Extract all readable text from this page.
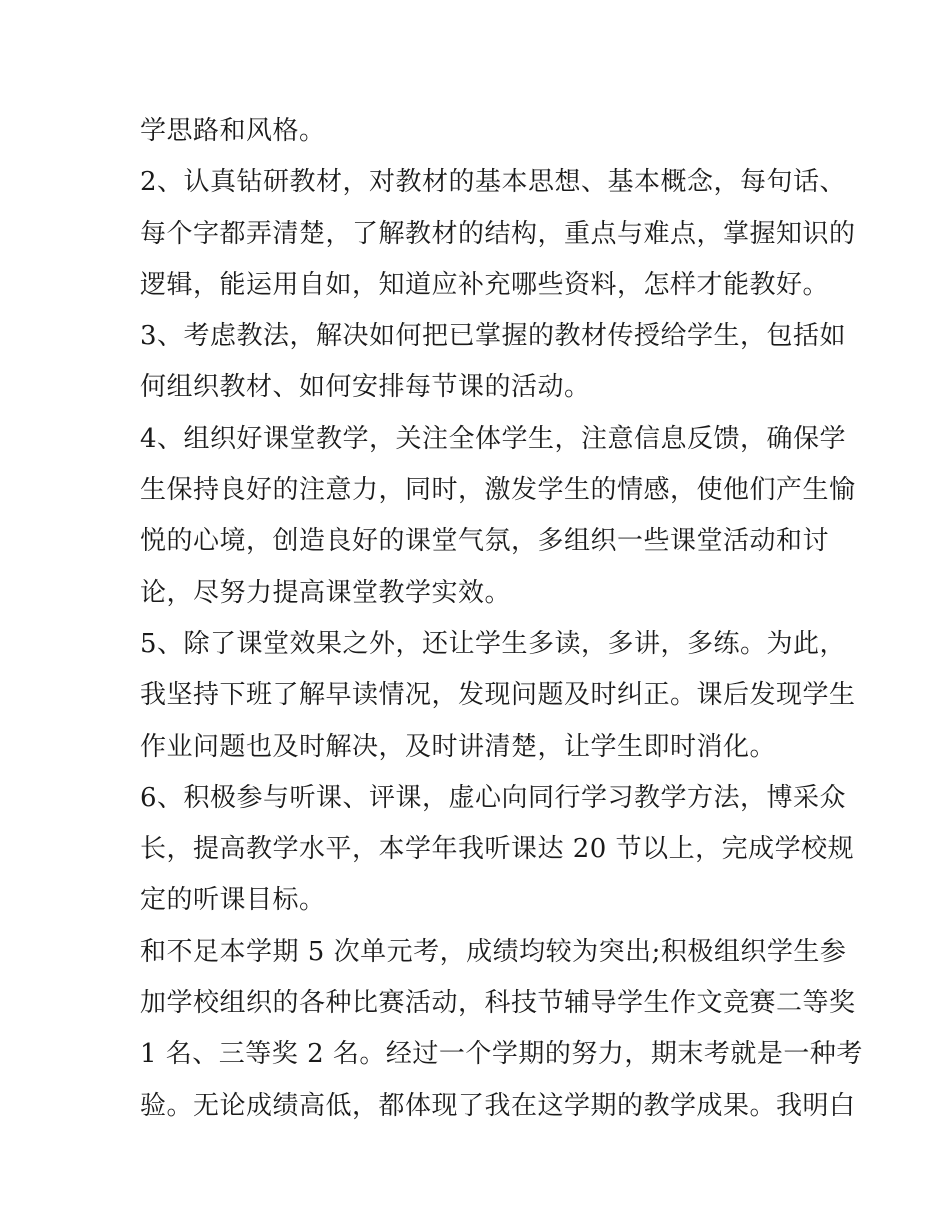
学思路和风格。
2、认真钻研教材，对教材的基本思想、基本概念，每句话、
每个字都弄清楚，了解教材的结构，重点与难点，掌握知识的
逻辑，能运用自如，知道应补充哪些资料，怎样才能教好。
3、考虑教法，解决如何把已掌握的教材传授给学生，包括如
何组织教材、如何安排每节课的活动。
4、组织好课堂教学，关注全体学生，注意信息反馈，确保学
生保持良好的注意力，同时，激发学生的情感，使他们产生愉
悦的心境，创造良好的课堂气氛，多组织一些课堂活动和讨
论，尽努力提高课堂教学实效。
5、除了课堂效果之外，还让学生多读，多讲，多练。为此，
我坚持下班了解早读情况，发现问题及时纠正。课后发现学生
作业问题也及时解决，及时讲清楚，让学生即时消化。
6、积极参与听课、评课，虚心向同行学习教学方法，博采众
长，提高教学水平，本学年我听课达 20 节以上，完成学校规
定的听课目标。
和不足本学期 5 次单元考，成绩均较为突出;积极组织学生参
加学校组织的各种比赛活动，科技节辅导学生作文竞赛二等奖
1 名、三等奖 2 名。经过一个学期的努力，期末考就是一种考
验。无论成绩高低，都体现了我在这学期的教学成果。我明白
